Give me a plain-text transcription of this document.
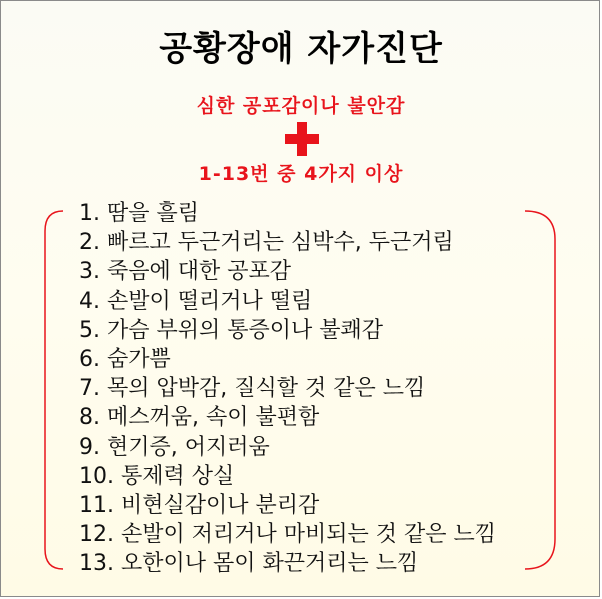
공황장애 자가진단
심한 공포감이나 불안감
1-13번 중 4가지 이상
1. 땀을 흘림
2. 빠르고 두근거리는 심박수, 두근거림
3. 죽음에 대한 공포감
4. 손발이 떨리거나 떨림
5. 가슴 부위의 통증이나 불쾌감
6. 숨가쁨
7. 목의 압박감, 질식할 것 같은 느낌
8. 메스꺼움, 속이 불편함
9. 현기증, 어지러움
10. 통제력 상실
11. 비현실감이나 분리감
12. 손발이 저리거나 마비되는 것 같은 느낌
13. 오한이나 몸이 화끈거리는 느낌
